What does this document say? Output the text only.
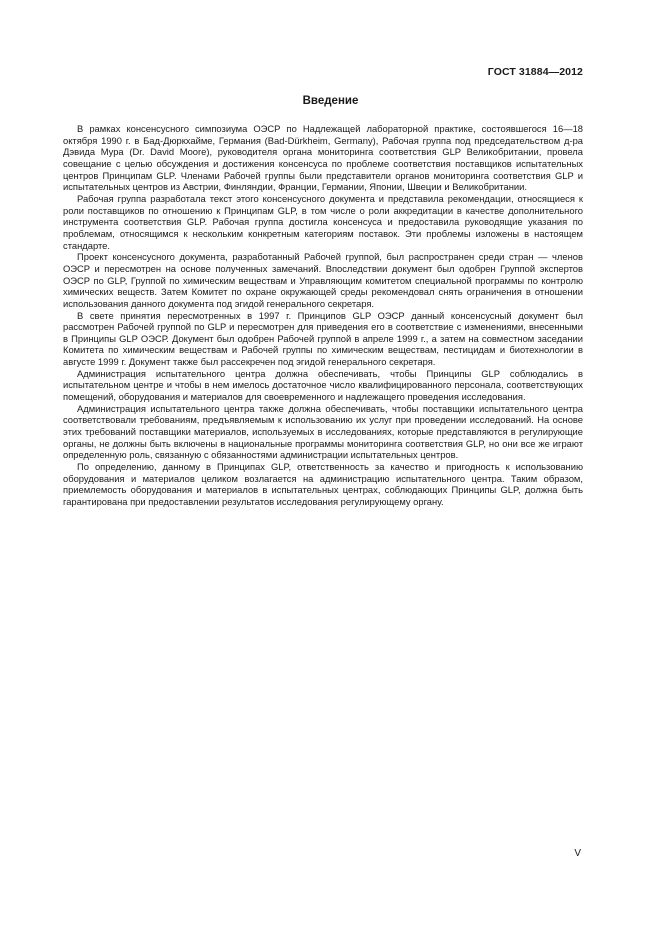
ГОСТ 31884—2012
Введение

В рамках консенсусного симпозиума ОЭСР по Надлежащей лабораторной практике, состоявшегося 16—18 октября 1990 г. в Бад-Дюркхайме, Германия (Bad-Dürkheim, Germany), Рабочая группа под председательством д-ра Дэвида Мура (Dr. David Moore), руководителя органа мониторинга соответствия GLP Великобритании, провела совещание с целью обсуждения и достижения консенсуса по проблеме соответствия поставщиков испытательных центров Принципам GLP. Членами Рабочей группы были представители органов мониторинга соответствия GLP и испытательных центров из Австрии, Финляндии, Франции, Германии, Японии, Швеции и Великобритании.

Рабочая группа разработала текст этого консенсусного документа и представила рекомендации, относящиеся к роли поставщиков по отношению к Принципам GLP, в том числе о роли аккредитации в качестве дополнительного инструмента соответствия GLP. Рабочая группа достигла консенсуса и предоставила руководящие указания по проблемам, относящимся к нескольким конкретным категориям поставок. Эти проблемы изложены в настоящем стандарте.

Проект консенсусного документа, разработанный Рабочей группой, был распространен среди стран — членов ОЭСР и пересмотрен на основе полученных замечаний. Впоследствии документ был одобрен Группой экспертов ОЭСР по GLP, Группой по химическим веществам и Управляющим комитетом специальной программы по контролю химических веществ. Затем Комитет по охране окружающей среды рекомендовал снять ограничения в отношении использования данного документа под эгидой генерального секретаря.

В свете принятия пересмотренных в 1997 г. Принципов GLP ОЭСР данный консенсусный документ был рассмотрен Рабочей группой по GLP и пересмотрен для приведения его в соответствие с изменениями, внесенными в Принципы GLP ОЭСР. Документ был одобрен Рабочей группой в апреле 1999 г., а затем на совместном заседании Комитета по химическим веществам и Рабочей группы по химическим веществам, пестицидам и биотехнологии в августе 1999 г. Документ также был рассекречен под эгидой генерального секретаря.

Администрация испытательного центра должна обеспечивать, чтобы Принципы GLP соблюдались в испытательном центре и чтобы в нем имелось достаточное число квалифицированного персонала, соответствующих помещений, оборудования и материалов для своевременного и надлежащего проведения исследования.

Администрация испытательного центра также должна обеспечивать, чтобы поставщики испытательного центра соответствовали требованиям, предъявляемым к использованию их услуг при проведении исследований. На основе этих требований поставщики материалов, используемых в исследованиях, которые представляются в регулирующие органы, не должны быть включены в национальные программы мониторинга соответствия GLP, но они все же играют определенную роль, связанную с обязанностями администрации испытательных центров.

По определению, данному в Принципах GLP, ответственность за качество и пригодность к использованию оборудования и материалов целиком возлагается на администрацию испытательного центра. Таким образом, приемлемость оборудования и материалов в испытательных центрах, соблюдающих Принципы GLP, должна быть гарантирована при предоставлении результатов исследования регулирующему органу.

V
